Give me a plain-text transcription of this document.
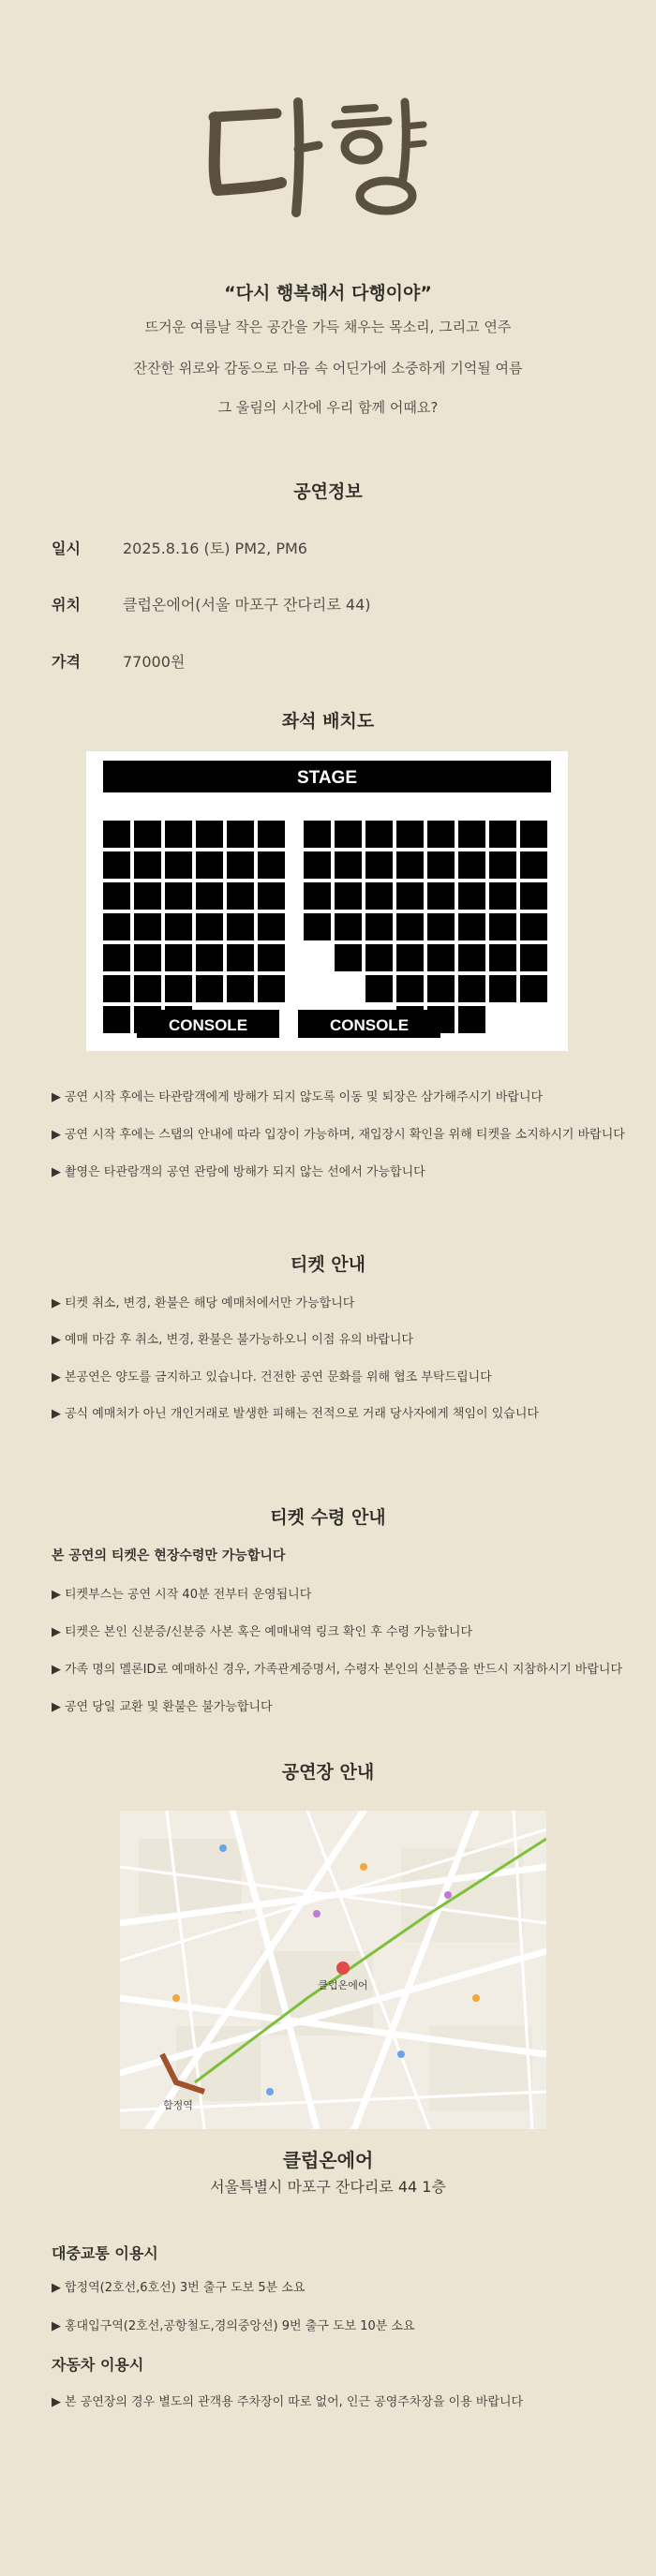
“다시 행복해서 다행이야”
뜨거운 여름날 작은 공간을 가득 채우는 목소리, 그리고 연주
잔잔한 위로와 감동으로 마음 속 어딘가에 소중하게 기억될 여름
그 울림의 시간에 우리 함께 어때요?
공연정보
일시	2025.8.16 (토) PM2, PM6
위치	클럽온에어(서울 마포구 잔다리로 44)
가격	77000원
좌석 배치도
STAGE
CONSOLE	CONSOLE
▶ 공연 시작 후에는 타관람객에게 방해가 되지 않도록 이동 및 퇴장은 삼가해주시기 바랍니다
▶ 공연 시작 후에는 스탭의 안내에 따라 입장이 가능하며, 재입장시 확인을 위해 티켓을 소지하시기 바랍니다
▶ 촬영은 타관람객의 공연 관람에 방해가 되지 않는 선에서 가능합니다
티켓 안내
▶ 티켓 취소, 변경, 환불은 해당 예매처에서만 가능합니다
▶ 예매 마감 후 취소, 변경, 환불은 불가능하오니 이점 유의 바랍니다
▶ 본공연은 양도를 금지하고 있습니다. 건전한 공연 문화를 위해 협조 부탁드립니다
▶ 공식 예매처가 아닌 개인거래로 발생한 피해는 전적으로 거래 당사자에게 책임이 있습니다
티켓 수령 안내
본 공연의 티켓은 현장수령만 가능합니다
▶ 티켓부스는 공연 시작 40분 전부터 운영됩니다
▶ 티켓은 본인 신분증/신분증 사본 혹은 예매내역 링크 확인 후 수령 가능합니다
▶ 가족 명의 멜론ID로 예매하신 경우, 가족관계증명서, 수령자 본인의 신분증을 반드시 지참하시기 바랍니다
▶ 공연 당일 교환 및 환불은 불가능합니다
공연장 안내
클럽온에어
합정역
클럽온에어
서울특별시 마포구 잔다리로 44 1층
대중교통 이용시
▶ 합정역(2호선,6호선) 3번 출구 도보 5분 소요
▶ 홍대입구역(2호선,공항철도,경의중앙선) 9번 출구 도보 10분 소요
자동차 이용시
▶ 본 공연장의 경우 별도의 관객용 주차장이 따로 없어, 인근 공영주차장을 이용 바랍니다
